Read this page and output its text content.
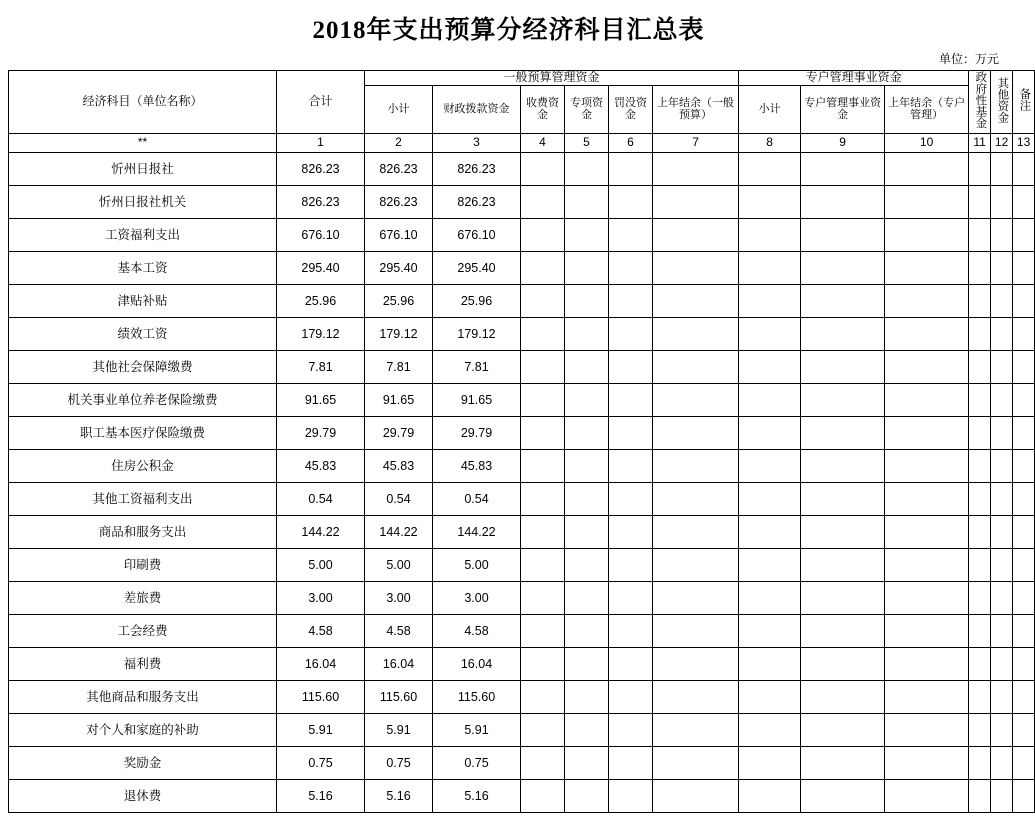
2018年支出预算分经济科目汇总表
单位：万元
经济科目（单位名称）	合计	一般预算管理资金						专户管理事业资金			政府性基金	其他资金	备注
		小计	财政拨款资金	收费资金	专项资金	罚没资金	上年结余（一般预算）	小计	专户管理事业资金	上年结余（专户管理）			

**	1	2	3	4	5	6	7	8	9	10	11	12	13
忻州日报社	826.23	826.23	826.23										
忻州日报社机关	826.23	826.23	826.23										
工资福利支出	676.10	676.10	676.10										
基本工资	295.40	295.40	295.40										
津贴补贴	25.96	25.96	25.96										
绩效工资	179.12	179.12	179.12										
其他社会保障缴费	7.81	7.81	7.81										
机关事业单位养老保险缴费	91.65	91.65	91.65										
职工基本医疗保险缴费	29.79	29.79	29.79										
住房公积金	45.83	45.83	45.83										
其他工资福利支出	0.54	0.54	0.54										
商品和服务支出	144.22	144.22	144.22										
印刷费	5.00	5.00	5.00										
差旅费	3.00	3.00	3.00										
工会经费	4.58	4.58	4.58										
福利费	16.04	16.04	16.04										
其他商品和服务支出	115.60	115.60	115.60										
对个人和家庭的补助	5.91	5.91	5.91										
奖励金	0.75	0.75	0.75										
退休费	5.16	5.16	5.16										
